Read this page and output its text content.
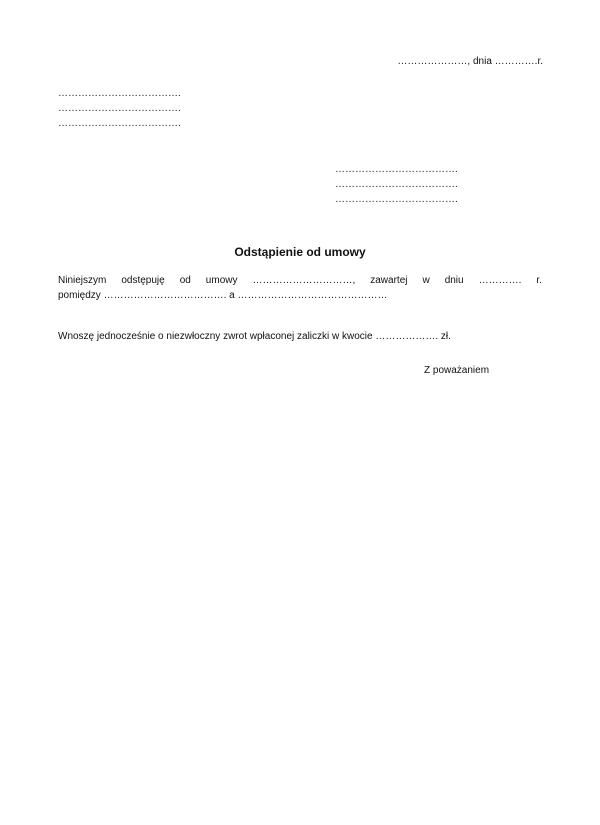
…………………, dnia ………….r.
……………………………….
……………………………….
……………………………….
……………………………….
……………………………….
……………………………….
Odstąpienie od umowy
Niniejszym odstępuję od umowy …………………………, zawartej w dniu …………. r.
pomiędzy ………………………………. a ………………………………………

Wnoszę jednocześnie o niezwłoczny zwrot wpłaconej zaliczki w kwocie ………………. zł.

Z poważaniem
